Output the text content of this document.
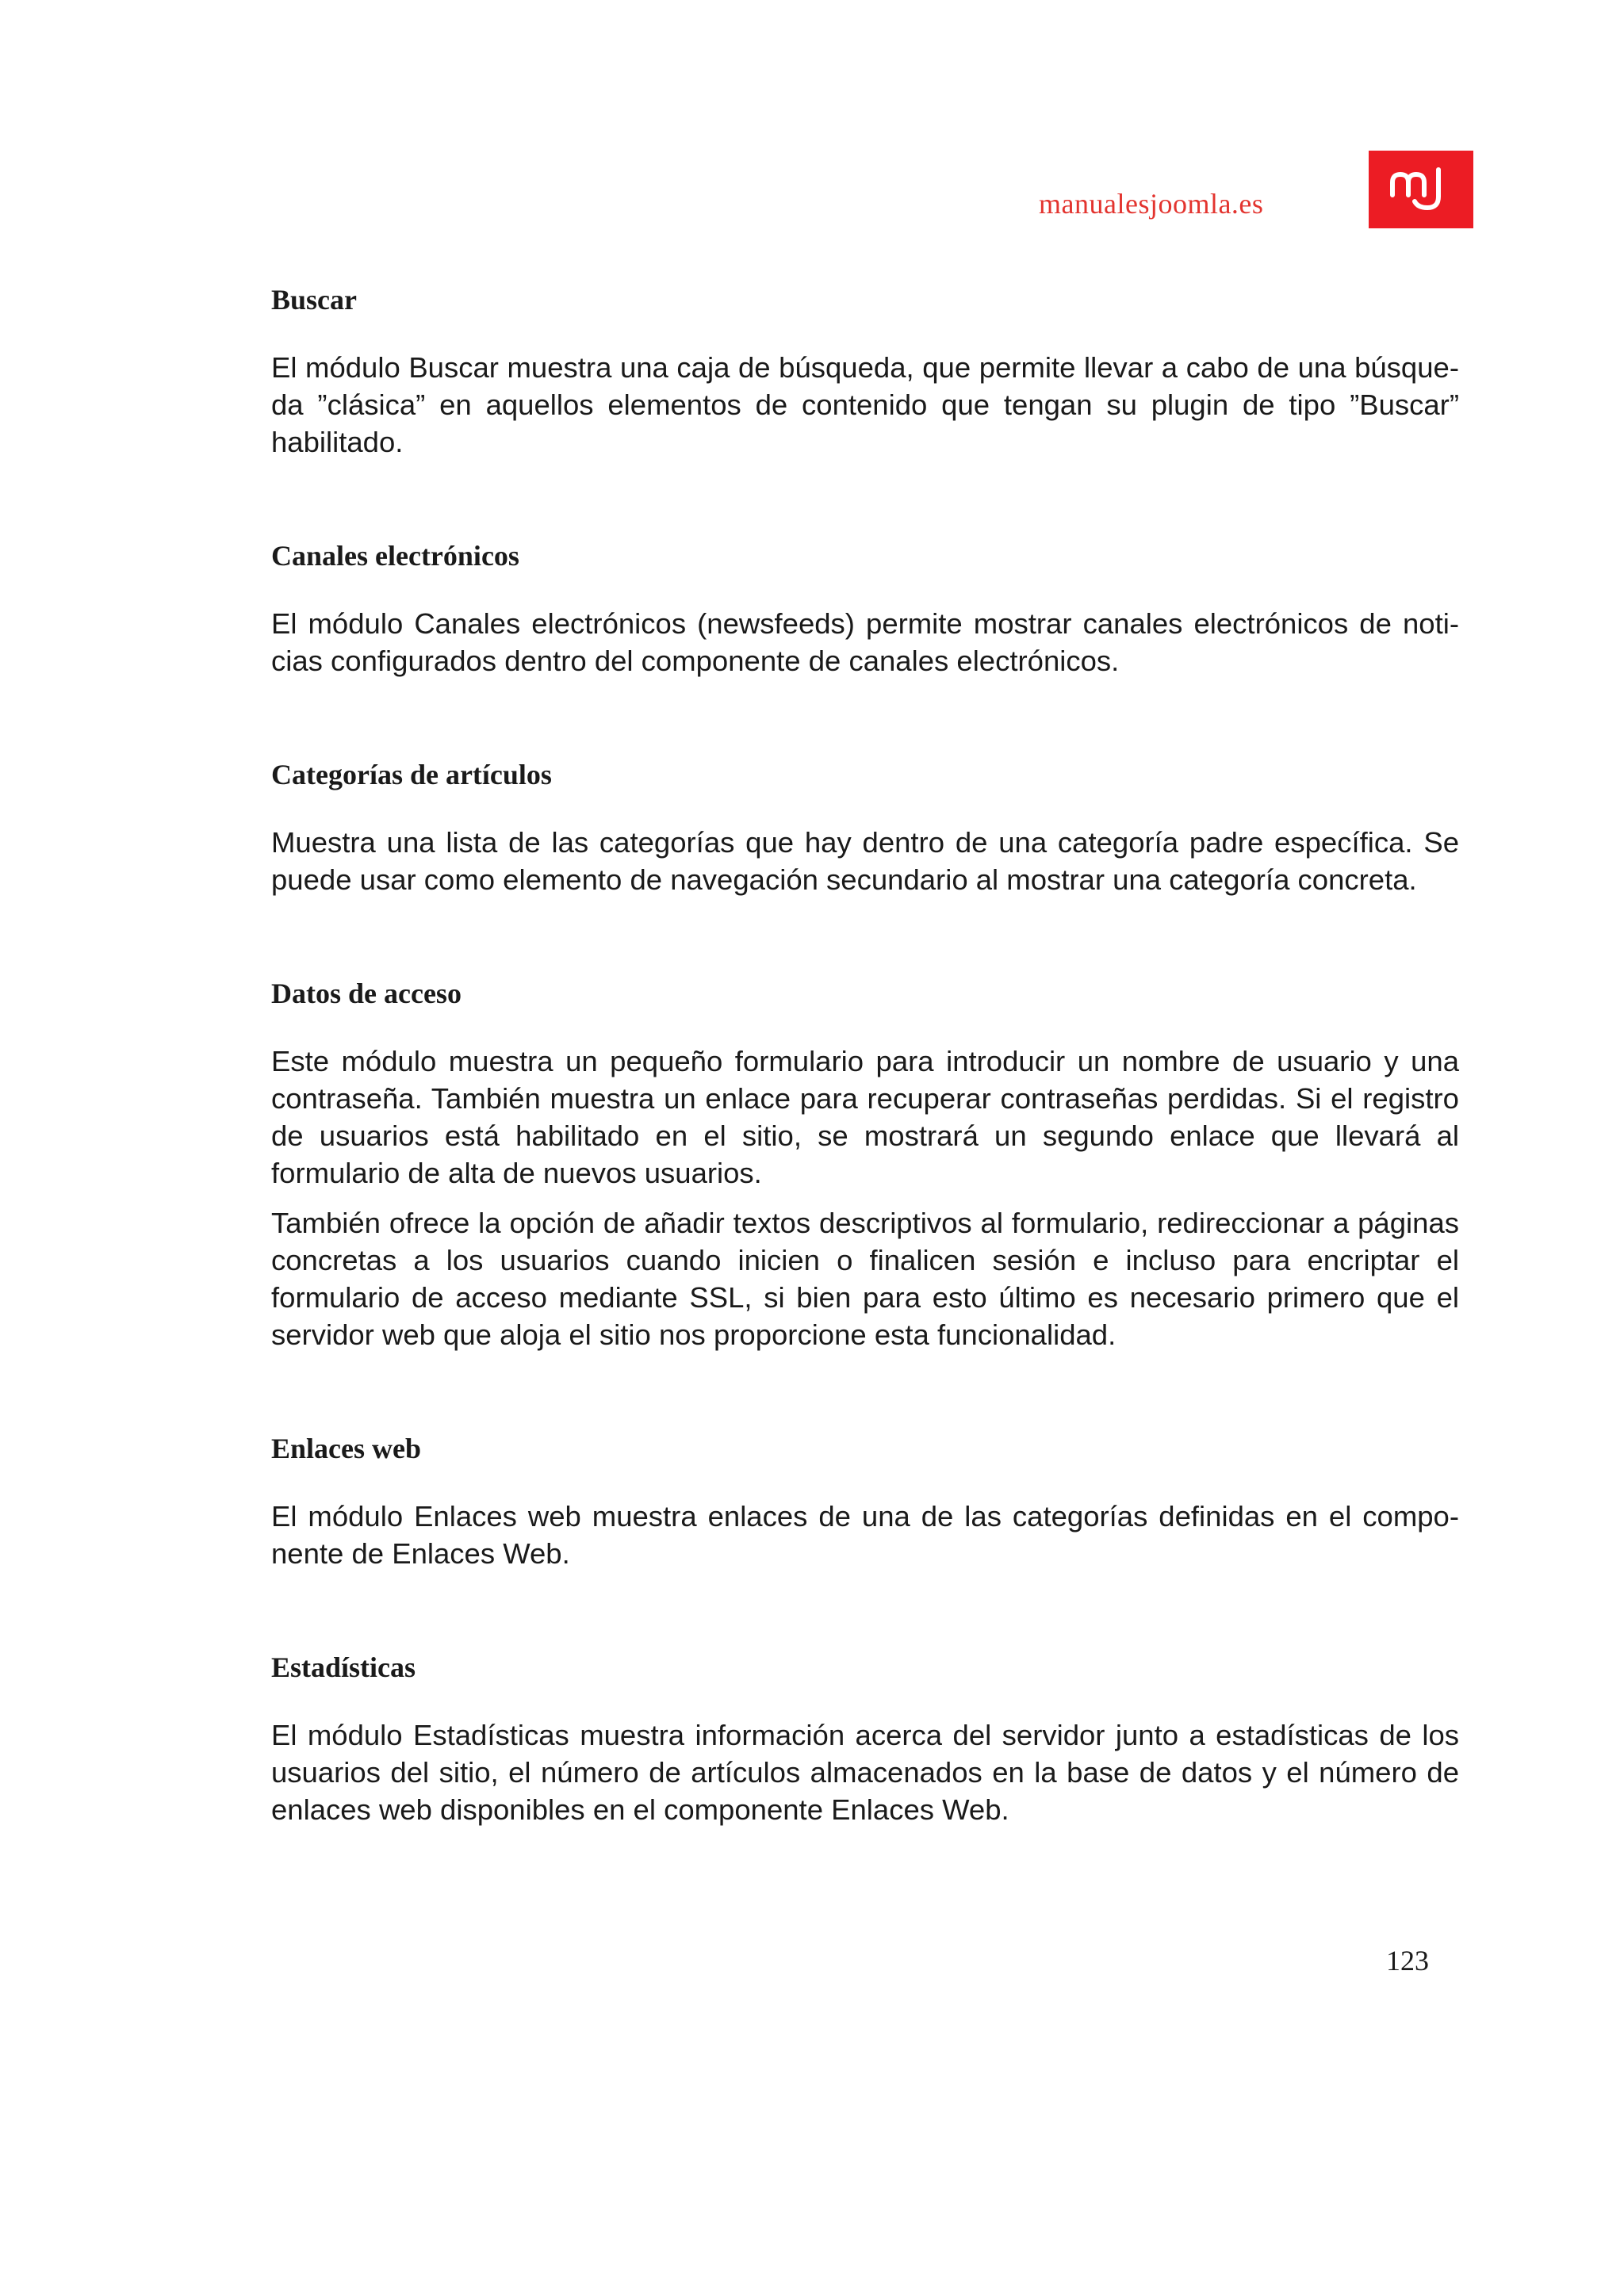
manualesjoomla.es
Buscar

El módulo Buscar muestra una caja de búsqueda, que permite llevar a cabo de una búsqueda ”clásica” en aquellos elementos de contenido que tengan su plugin de tipo ”Buscar” habilitado.

Canales electrónicos

El módulo Canales electrónicos (newsfeeds) permite mostrar canales electrónicos de noticias configurados dentro del componente de canales electrónicos.

Categorías de artículos

Muestra una lista de las categorías que hay dentro de una categoría padre específica. Se puede usar como elemento de navegación secundario al mostrar una categoría concreta.

Datos de acceso

Este módulo muestra un pequeño formulario para introducir un nombre de usuario y una contraseña. También muestra un enlace para recuperar contraseñas perdidas. Si el registro de usuarios está habilitado en el sitio, se mostrará un segundo enlace que llevará al formulario de alta de nuevos usuarios.

También ofrece la opción de añadir textos descriptivos al formulario, redireccionar a páginas concretas a los usuarios cuando inicien o finalicen sesión e incluso para encriptar el formulario de acceso mediante SSL, si bien para esto último es necesario primero que el servidor web que aloja el sitio nos proporcione esta funcionalidad.

Enlaces web

El módulo Enlaces web muestra enlaces de una de las categorías definidas en el componente de Enlaces Web.

Estadísticas

El módulo Estadísticas muestra información acerca del servidor junto a estadísticas de los usuarios del sitio, el número de artículos almacenados en la base de datos y el número de enlaces web disponibles en el componente Enlaces Web.

123
